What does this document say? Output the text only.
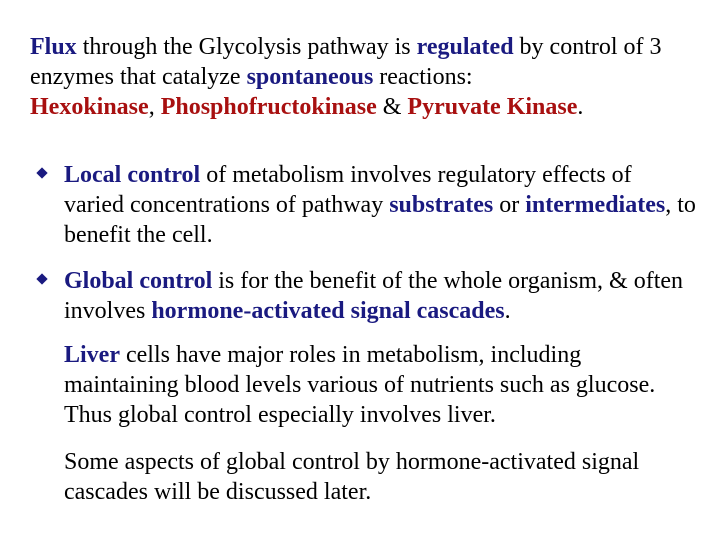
Flux through the Glycolysis pathway is regulated by control of 3 enzymes that catalyze spontaneous reactions:
Hexokinase, Phosphofructokinase & Pyruvate Kinase.

Local control of metabolism involves regulatory effects of varied concentrations of pathway substrates or intermediates, to benefit the cell.
Global control is for the benefit of the whole organism, & often involves hormone-activated signal cascades.

Liver cells have major roles in metabolism, including maintaining blood levels various of nutrients such as glucose. Thus global control especially involves liver.

Some aspects of global control by hormone-activated signal cascades will be discussed later.
